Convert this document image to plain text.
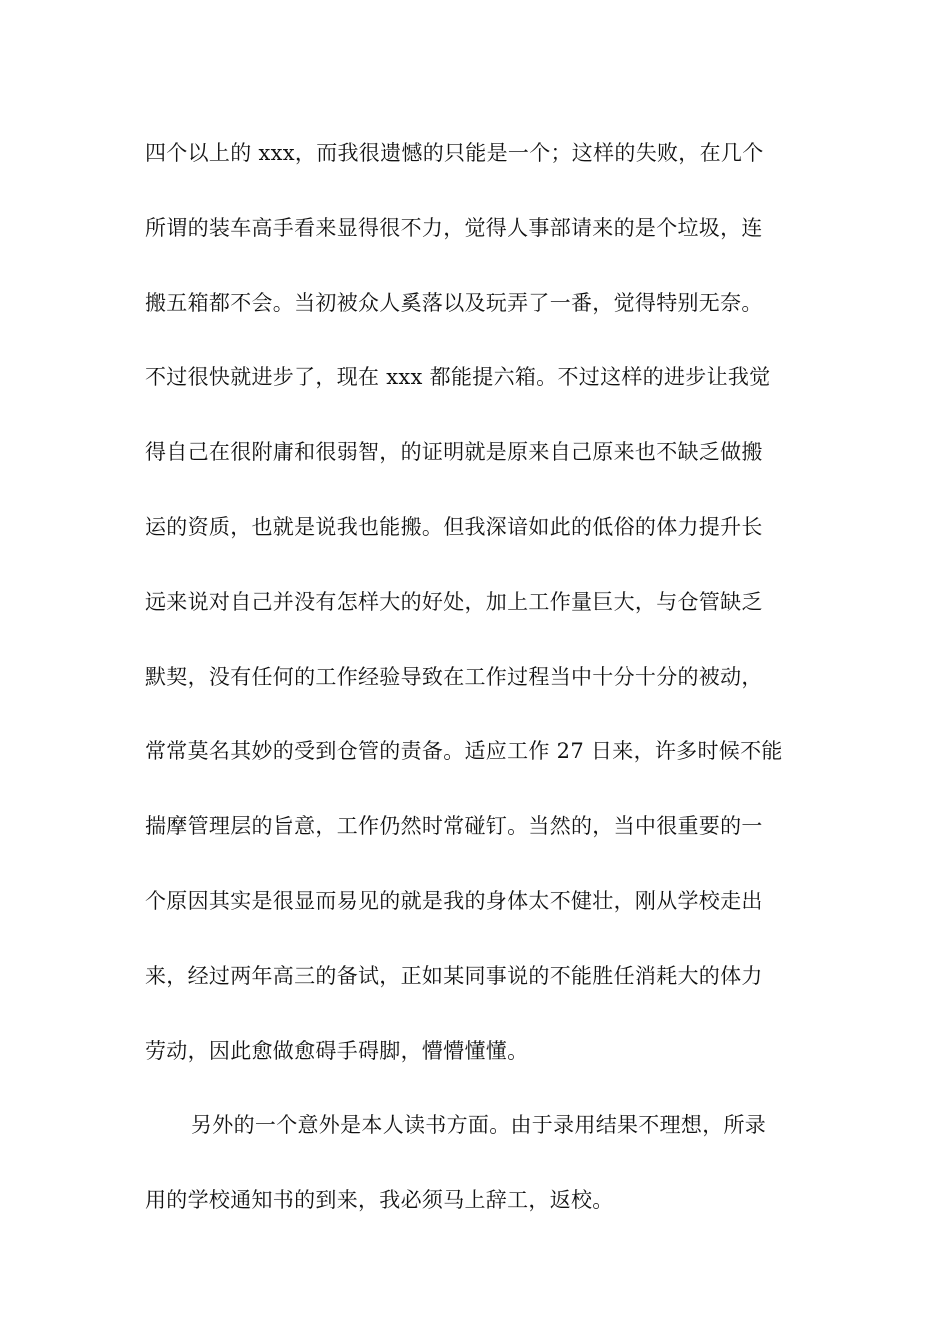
四个以上的 xxx，而我很遗憾的只能是一个；这样的失败，在几个
所谓的装车高手看来显得很不力，觉得人事部请来的是个垃圾，连
搬五箱都不会。当初被众人奚落以及玩弄了一番，觉得特别无奈。
不过很快就进步了，现在 xxx 都能提六箱。不过这样的进步让我觉
得自己在很附庸和很弱智，的证明就是原来自己原来也不缺乏做搬
运的资质，也就是说我也能搬。但我深谙如此的低俗的体力提升长
远来说对自己并没有怎样大的好处，加上工作量巨大，与仓管缺乏
默契，没有任何的工作经验导致在工作过程当中十分十分的被动，
常常莫名其妙的受到仓管的责备。适应工作 27 日来，许多时候不能
揣摩管理层的旨意，工作仍然时常碰钉。当然的，当中很重要的一
个原因其实是很显而易见的就是我的身体太不健壮，刚从学校走出
来，经过两年高三的备试，正如某同事说的不能胜任消耗大的体力
劳动，因此愈做愈碍手碍脚，懵懵懂懂。
另外的一个意外是本人读书方面。由于录用结果不理想，所录
用的学校通知书的到来，我必须马上辞工，返校。
